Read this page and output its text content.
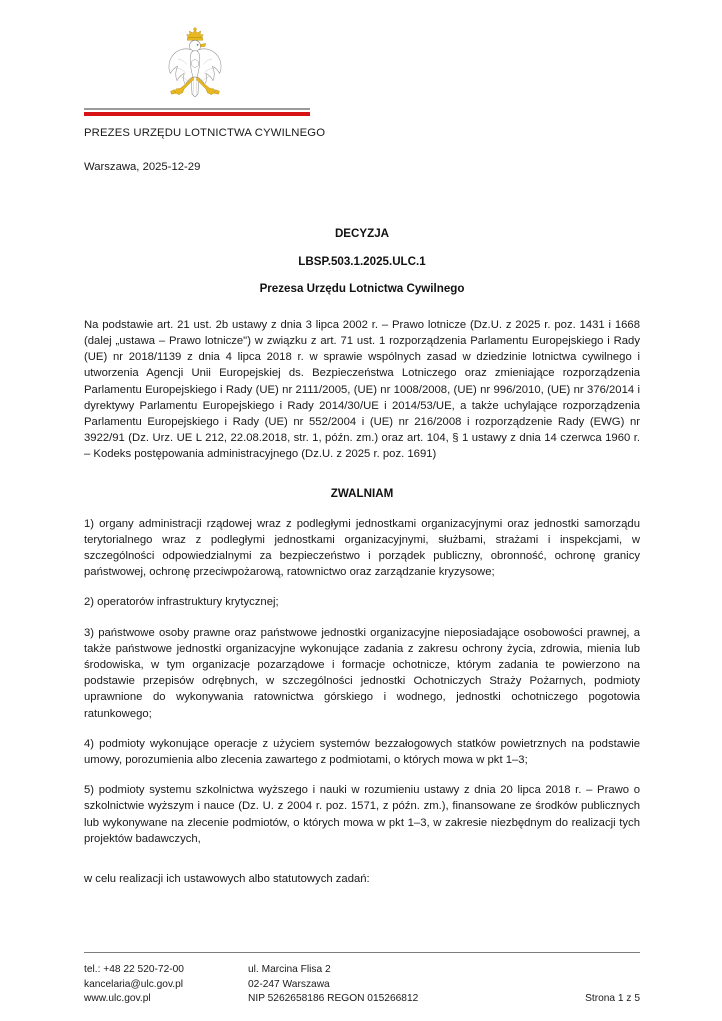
PREZES URZĘDU LOTNICTWA CYWILNEGO
Warszawa, 2025-12-29
DECYZJA
LBSP.503.1.2025.ULC.1
Prezesa Urzędu Lotnictwa Cywilnego

Na podstawie art. 21 ust. 2b ustawy z dnia 3 lipca 2002 r. – Prawo lotnicze (Dz.U. z 2025 r. poz. 1431 i 1668 (dalej „ustawa – Prawo lotnicze") w związku z art. 71 ust. 1 rozporządzenia Parlamentu Europejskiego i Rady (UE) nr 2018/1139 z dnia 4 lipca 2018 r. w sprawie wspólnych zasad w dziedzinie lotnictwa cywilnego i utworzenia Agencji Unii Europejskiej ds. Bezpieczeństwa Lotniczego oraz zmieniające rozporządzenia Parlamentu Europejskiego i Rady (UE) nr 2111/2005, (UE) nr 1008/2008, (UE) nr 996/2010, (UE) nr 376/2014 i dyrektywy Parlamentu Europejskiego i Rady 2014/30/UE i 2014/53/UE, a także uchylające rozporządzenia Parlamentu Europejskiego i Rady (UE) nr 552/2004 i (UE) nr 216/2008 i rozporządzenie Rady (EWG) nr 3922/91 (Dz. Urz. UE L 212, 22.08.2018, str. 1, późn. zm.) oraz art. 104, § 1 ustawy z dnia 14 czerwca 1960 r. – Kodeks postępowania administracyjnego (Dz.U. z 2025 r. poz. 1691)

ZWALNIAM

1) organy administracji rządowej wraz z podległymi jednostkami organizacyjnymi oraz jednostki samorządu terytorialnego wraz z podległymi jednostkami organizacyjnymi, służbami, strażami i inspekcjami, w szczególności odpowiedzialnymi za bezpieczeństwo i porządek publiczny, obronność, ochronę granicy państwowej, ochronę przeciwpożarową, ratownictwo oraz zarządzanie kryzysowe;

2) operatorów infrastruktury krytycznej;

3) państwowe osoby prawne oraz państwowe jednostki organizacyjne nieposiadające osobowości prawnej, a także państwowe jednostki organizacyjne wykonujące zadania z zakresu ochrony życia, zdrowia, mienia lub środowiska, w tym organizacje pozarządowe i formacje ochotnicze, którym zadania te powierzono na podstawie przepisów odrębnych, w szczególności jednostki Ochotniczych Straży Pożarnych, podmioty uprawnione do wykonywania ratownictwa górskiego i wodnego, jednostki ochotniczego pogotowia ratunkowego;

4) podmioty wykonujące operacje z użyciem systemów bezzałogowych statków powietrznych na podstawie umowy, porozumienia albo zlecenia zawartego z podmiotami, o których mowa w pkt 1–3;

5) podmioty systemu szkolnictwa wyższego i nauki w rozumieniu ustawy z dnia 20 lipca 2018 r. – Prawo o szkolnictwie wyższym i nauce (Dz. U. z 2004 r. poz. 1571, z późn. zm.), finansowane ze środków publicznych lub wykonywane na zlecenie podmiotów, o których mowa w pkt 1–3, w zakresie niezbędnym do realizacji tych projektów badawczych,

w celu realizacji ich ustawowych albo statutowych zadań:

tel.: +48 22 520-72-00
kancelaria@ulc.gov.pl
www.ulc.gov.pl
ul. Marcina Flisa 2
02-247 Warszawa
NIP 5262658186 REGON 015266812	Strona 1 z 5
